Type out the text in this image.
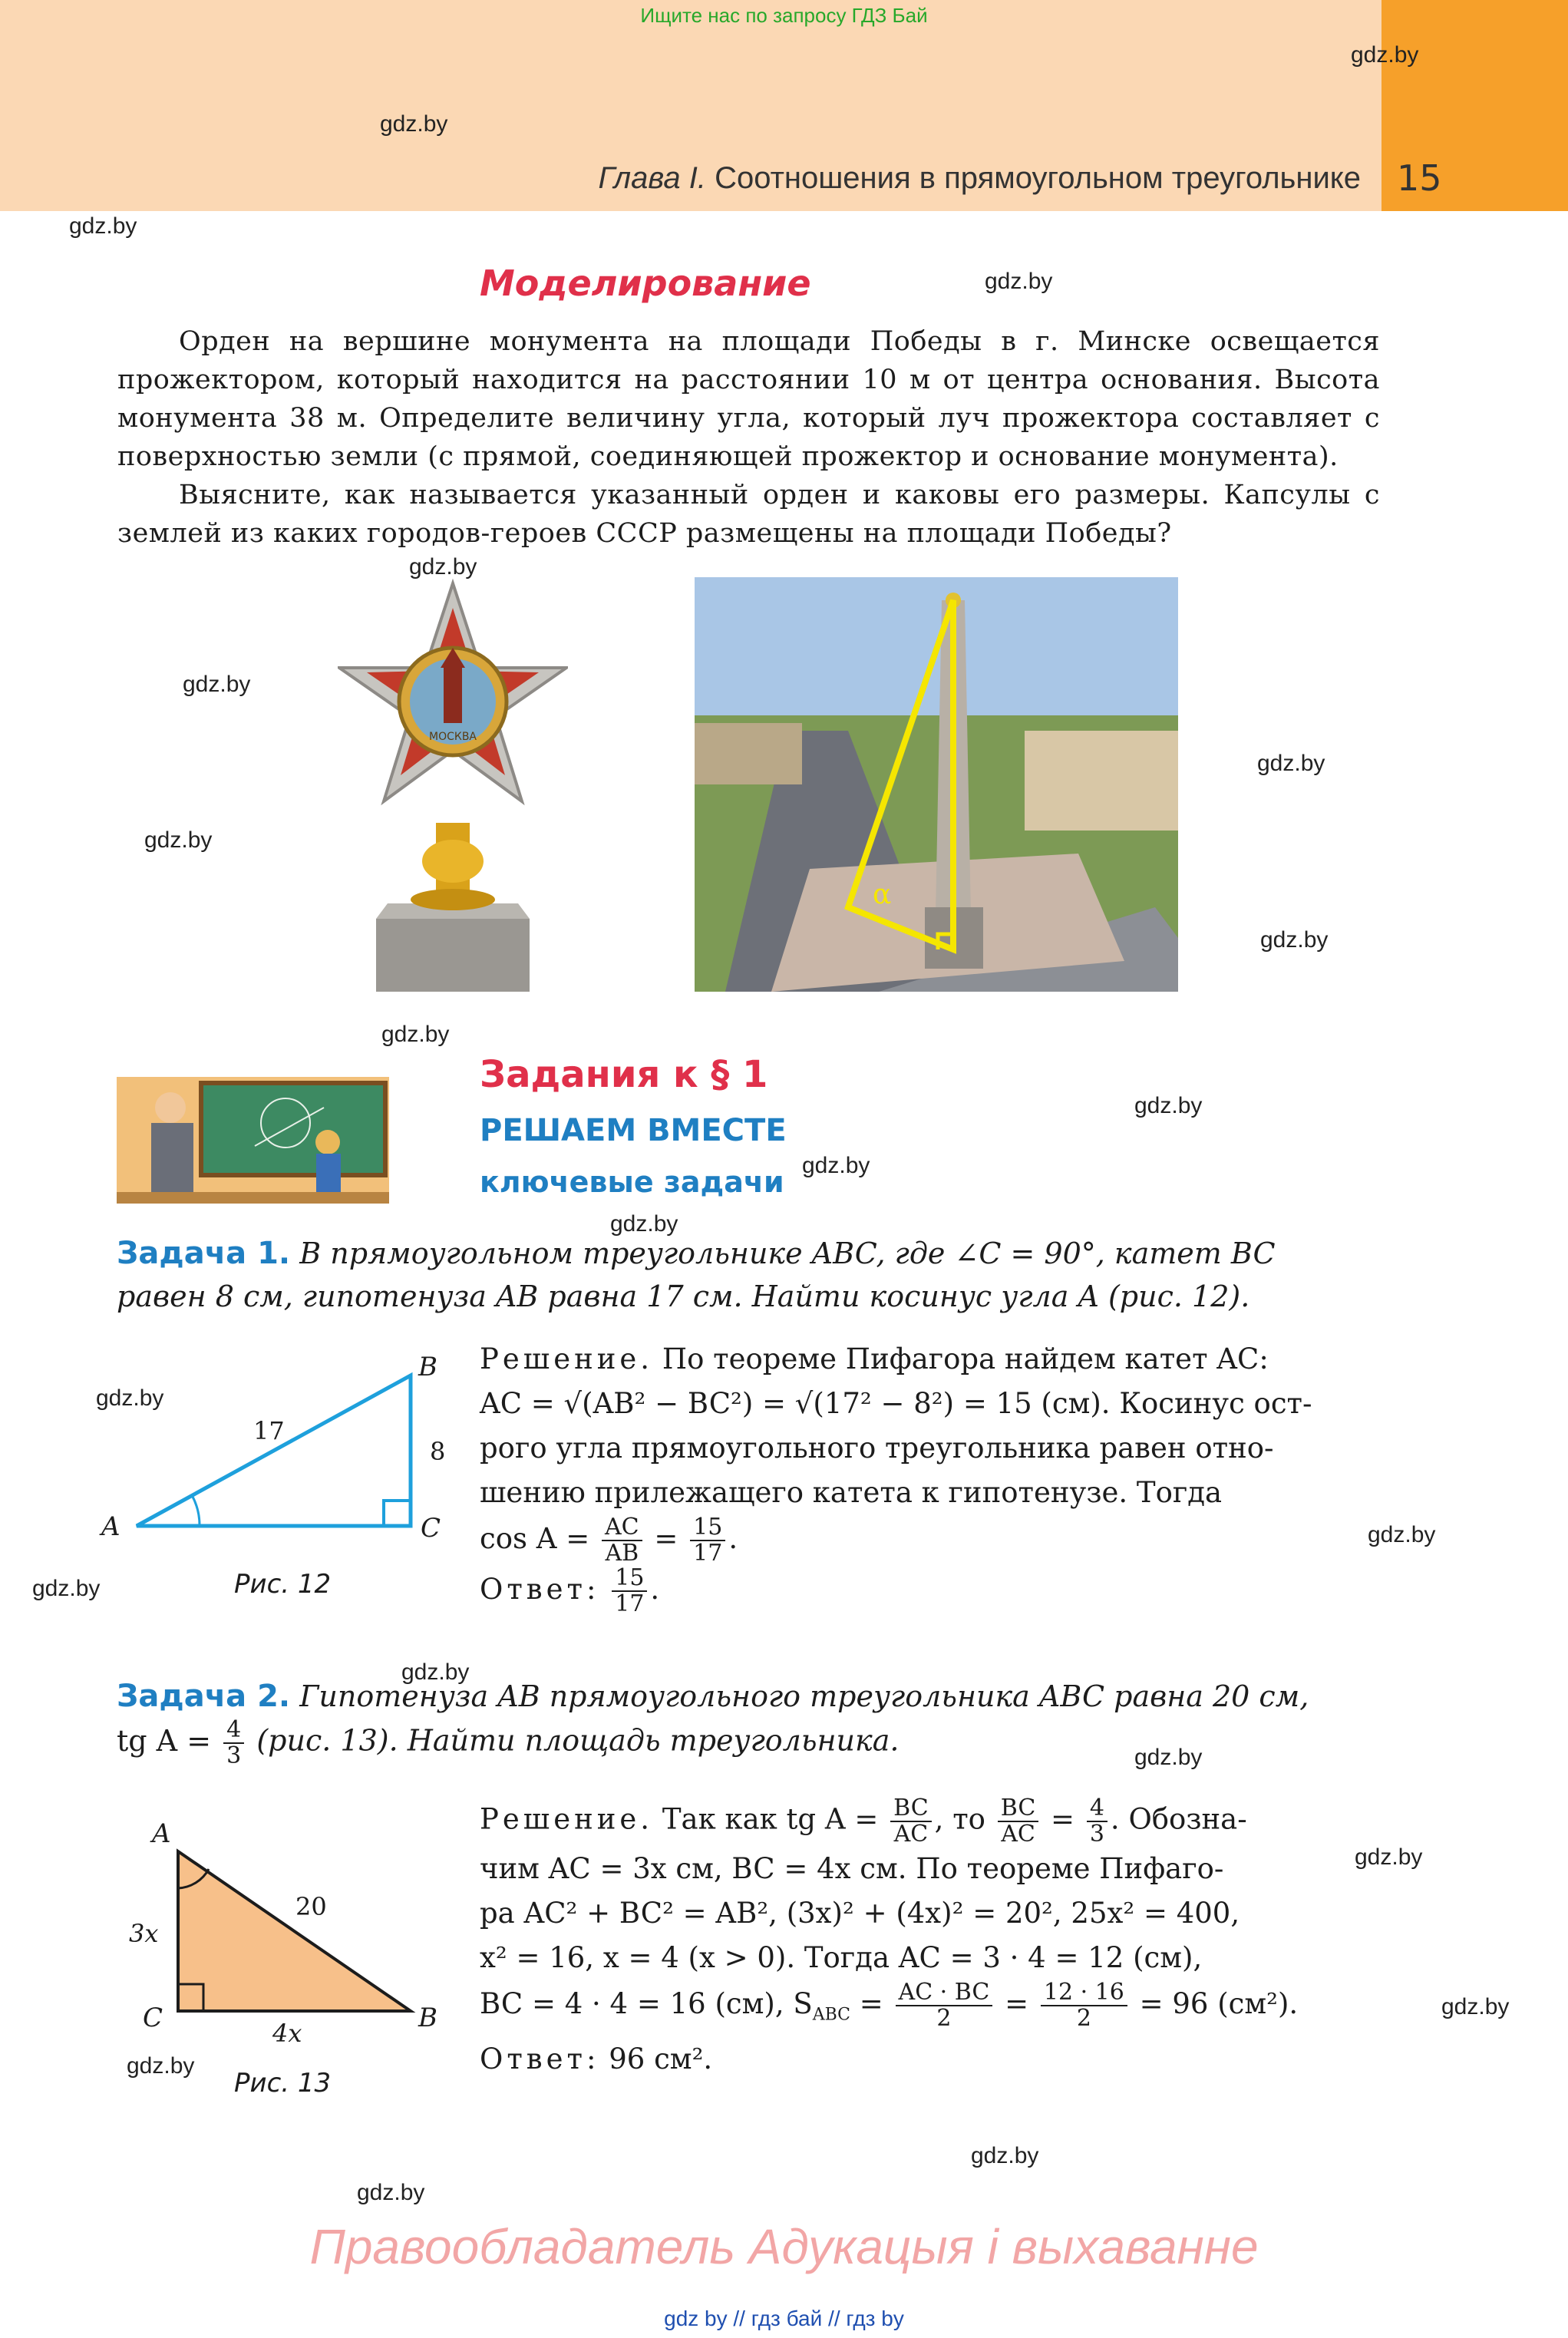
Ищите нас по запросу ГДЗ Бай
Глава I. Соотношения в прямоугольном треугольнике 15
gdz.by
gdz.by
gdz.by
gdz.by
gdz.by
gdz.by
gdz.by
gdz.by
gdz.by
gdz.by
gdz.by
gdz.by
gdz.by
gdz.by
gdz.by
gdz.by
gdz.by
gdz.by
gdz.by
gdz.by
gdz.by
gdz.by
gdz.by
Моделирование

Орден на вершине монумента на площади Победы в г. Минске освещается прожектором, который находится на расстоянии 10 м от центра основания. Высота монумента 38 м. Определите величину угла, который луч прожектора составляет с поверхностью земли (с прямой, соединяющей прожектор и основание монумента).

Выясните, как называется указанный орден и каковы его размеры. Капсулы с землей из каких городов-героев СССР размещены на площади Победы?

МОСКВА
α
Задания к § 1
РЕШАЕМ ВМЕСТЕ
ключевые задачи
Задача 1. В прямоугольном треугольнике ABC, где ∠C = 90°, катет BC
равен 8 см, гипотенуза AB равна 17 см. Найти косинус угла A (рис. 12).
A
B
C
17
8
Рис. 12
Решение. По теореме Пифагора найдем катет AC:
AC = √(AB² − BC²) = √(17² − 8²) = 15 (см). Косинус ост-
рого угла прямоугольного треугольника равен отно-
шению прилежащего катета к гипотенузе. Тогда
$\cos A = \frac{AC}{AB} = \frac{15}{17}$ .
Ответ: $\frac{15}{17}$ .
Задача 2. Гипотенуза AB прямоугольного треугольника ABC равна 20 см,
tg $A = \frac{4}{3} (рис$. 13). Найти площадь треугольника.
A
B
C
3x
4x
20
Рис. 13
Решение. Так как tg $A = \frac{BC}{AC}$ , то $\frac{BC}{AC} = \frac{4}{3}$ . Обозна-
чим AC = 3x см, BC = 4x см. По теореме Пифаго-
ра AC² + BC² = AB², (3x)² + (4x)² = 20², 25x² = 400,
x² = 16, x = 4 (x > 0). Тогда AC = 3 · 4 = 12 (см),
BC = 4 · 4 = 16 (см), $S_{ABC} = \frac{AC \cdot BC}{2} = \frac{12 \cdot 16}{2} = 96$ (см²).
Ответ: 96 см².
Правообладатель Адукацыя і выхаванне
gdz by // гдз бай // гдз by
